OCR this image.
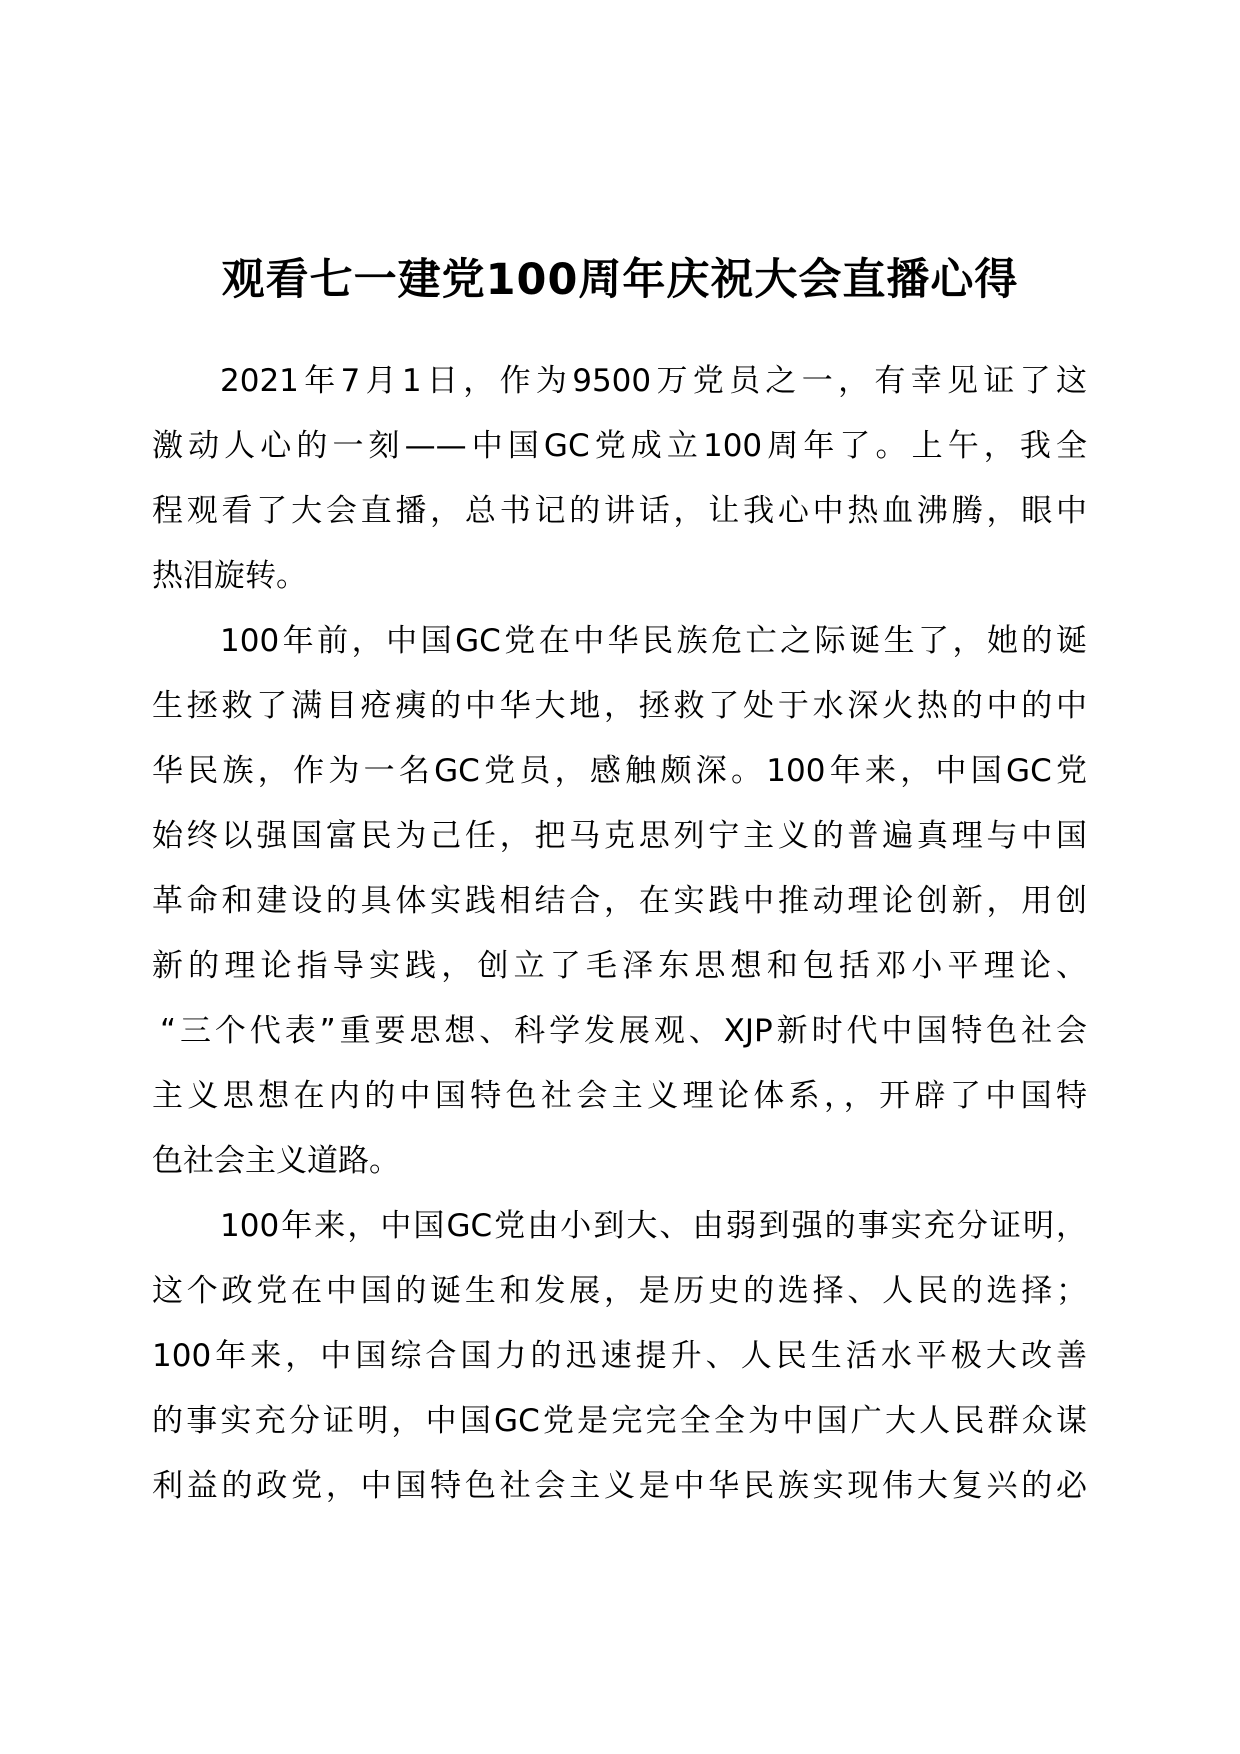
观看七一建党100周年庆祝大会直播心得
2021年7月1日，作为9500万党员之一，有幸见证了这
激动人心的一刻——中国GC党成立100周年了。上午，我全
程观看了大会直播，总书记的讲话，让我心中热血沸腾，眼中
热泪旋转。
100年前，中国GC党在中华民族危亡之际诞生了，她的诞
生拯救了满目疮痍的中华大地，拯救了处于水深火热的中的中
华民族，作为一名GC党员，感触颇深。100年来，中国GC党
始终以强国富民为己任，把马克思列宁主义的普遍真理与中国
革命和建设的具体实践相结合，在实践中推动理论创新，用创
新的理论指导实践，创立了毛泽东思想和包括邓小平理论、
“三个代表”重要思想、科学发展观、XJP新时代中国特色社会
主义思想在内的中国特色社会主义理论体系，，开辟了中国特
色社会主义道路。
100年来，中国GC党由小到大、由弱到强的事实充分证明，
这个政党在中国的诞生和发展，是历史的选择、人民的选择；
100年来，中国综合国力的迅速提升、人民生活水平极大改善
的事实充分证明，中国GC党是完完全全为中国广大人民群众谋
利益的政党，中国特色社会主义是中华民族实现伟大复兴的必
